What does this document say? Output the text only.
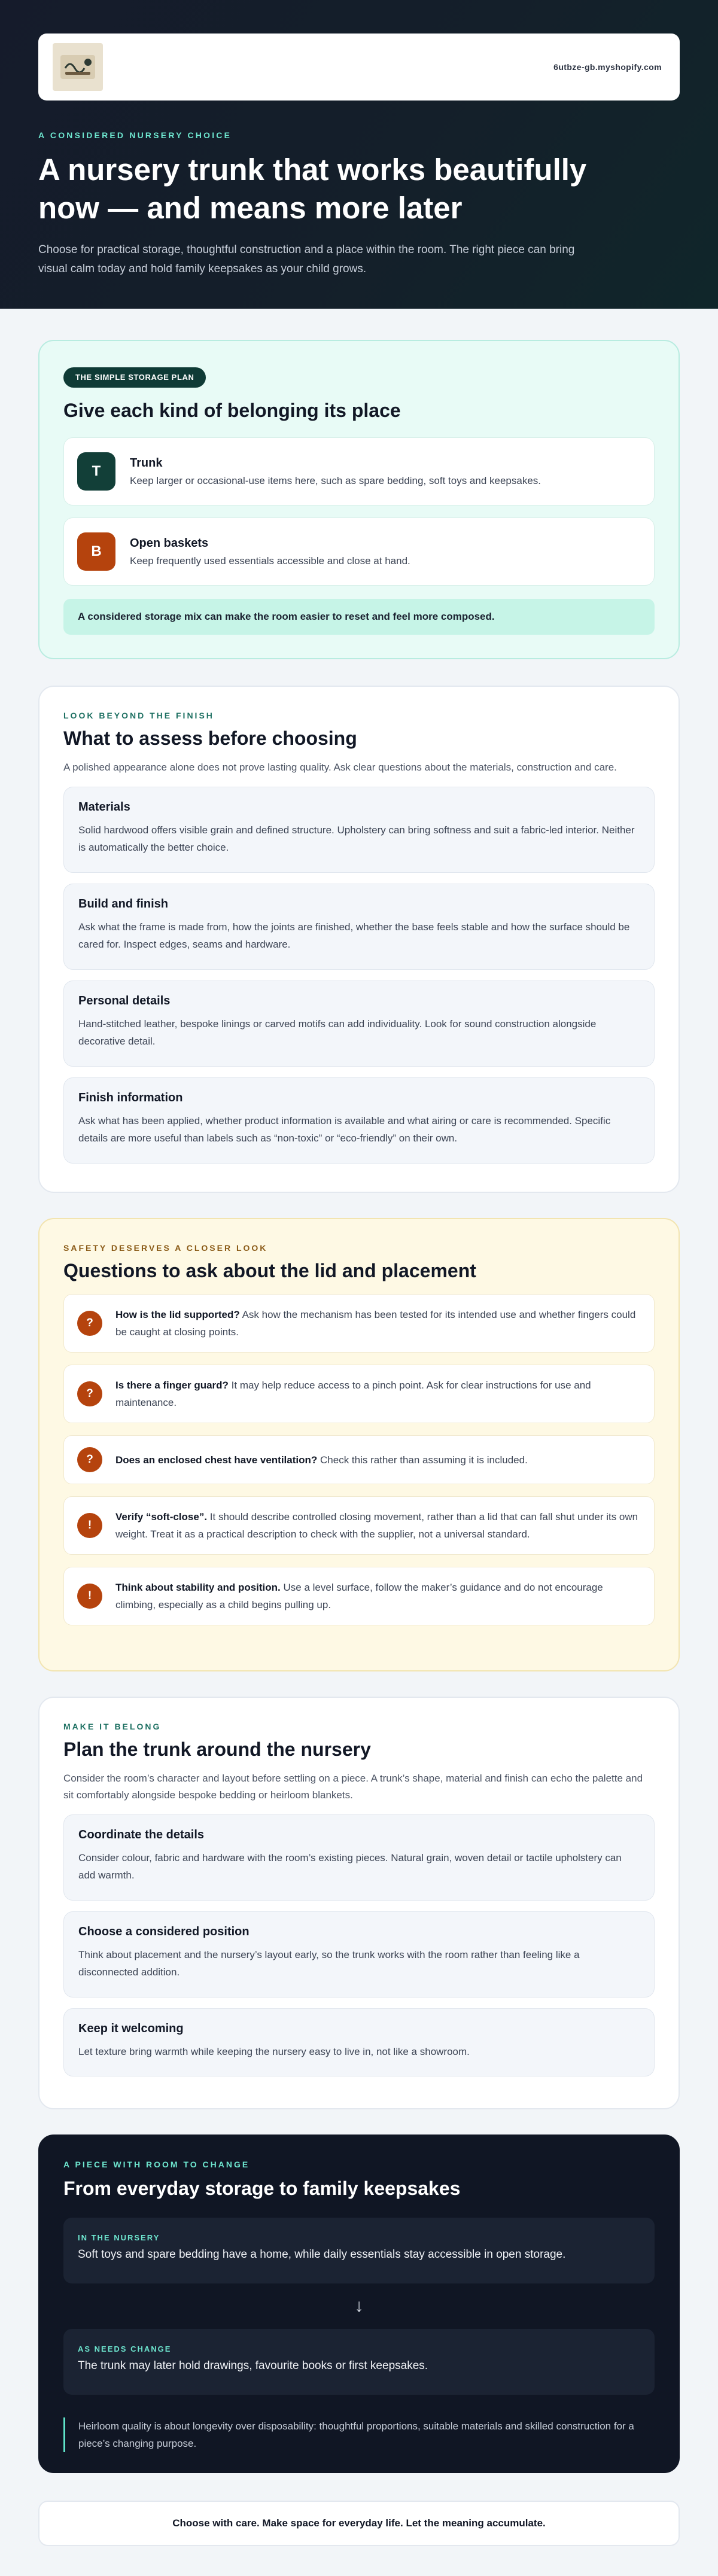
6utbze-gb.myshopify.com
A CONSIDERED NURSERY CHOICE
A nursery trunk that works beautifully now — and means more later

Choose for practical storage, thoughtful construction and a place within the room. The right piece can bring visual calm today and hold family keepsakes as your child grows.

THE SIMPLE STORAGE PLAN
Give each kind of belonging its place
T
Trunk
Keep larger or occasional-use items here, such as spare bedding, soft toys and keepsakes.
B
Open baskets
Keep frequently used essentials accessible and close at hand.
A considered storage mix can make the room easier to reset and feel more composed.
LOOK BEYOND THE FINISH
What to assess before choosing

A polished appearance alone does not prove lasting quality. Ask clear questions about the materials, construction and care.

Materials
Solid hardwood offers visible grain and defined structure. Upholstery can bring softness and suit a fabric-led interior. Neither is automatically the better choice.
Build and finish
Ask what the frame is made from, how the joints are finished, whether the base feels stable and how the surface should be cared for. Inspect edges, seams and hardware.
Personal details
Hand-stitched leather, bespoke linings or carved motifs can add individuality. Look for sound construction alongside decorative detail.
Finish information
Ask what has been applied, whether product information is available and what airing or care is recommended. Specific details are more useful than labels such as “non-toxic” or “eco-friendly” on their own.
SAFETY DESERVES A CLOSER LOOK
Questions to ask about the lid and placement
?
How is the lid supported? Ask how the mechanism has been tested for its intended use and whether fingers could be caught at closing points.
?
Is there a finger guard? It may help reduce access to a pinch point. Ask for clear instructions for use and maintenance.
?	Does an enclosed chest have ventilation? Check this rather than assuming it is included.
!
Verify “soft-close”. It should describe controlled closing movement, rather than a lid that can fall shut under its own weight. Treat it as a practical description to check with the supplier, not a universal standard.
!
Think about stability and position. Use a level surface, follow the maker’s guidance and do not encourage climbing, especially as a child begins pulling up.
MAKE IT BELONG
Plan the trunk around the nursery

Consider the room’s character and layout before settling on a piece. A trunk’s shape, material and finish can echo the palette and sit comfortably alongside bespoke bedding or heirloom blankets.

Coordinate the details
Consider colour, fabric and hardware with the room’s existing pieces. Natural grain, woven detail or tactile upholstery can add warmth.
Choose a considered position
Think about placement and the nursery’s layout early, so the trunk works with the room rather than feeling like a disconnected addition.
Keep it welcoming
Let texture bring warmth while keeping the nursery easy to live in, not like a showroom.
A PIECE WITH ROOM TO CHANGE
From everyday storage to family keepsakes
IN THE NURSERY
Soft toys and spare bedding have a home, while daily essentials stay accessible in open storage.
↓
AS NEEDS CHANGE
The trunk may later hold drawings, favourite books or first keepsakes.
Heirloom quality is about longevity over disposability: thoughtful proportions, suitable materials and skilled construction for a piece’s changing purpose.
Choose with care. Make space for everyday life. Let the meaning accumulate.
